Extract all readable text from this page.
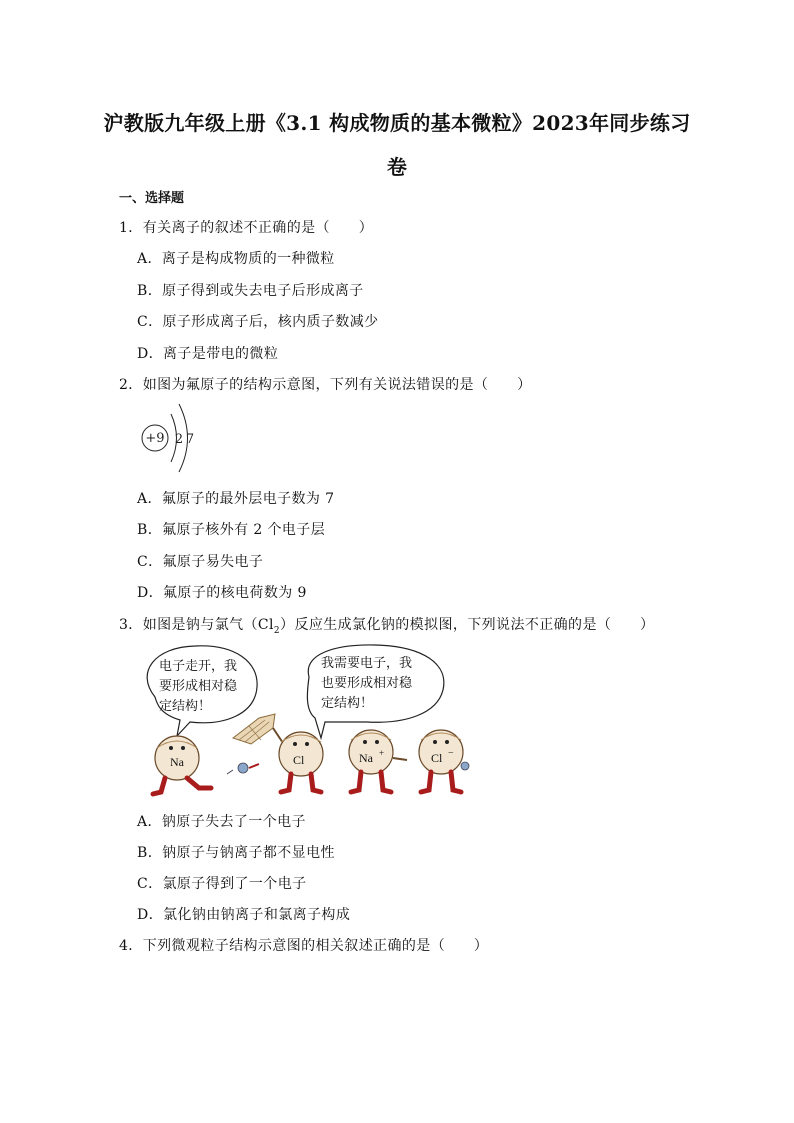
沪教版九年级上册《3.1 构成物质的基本微粒》2023年同步练习卷
一、选择题
1．有关离子的叙述不正确的是（　　）
A．离子是构成物质的一种微粒
B．原子得到或失去电子后形成离子
C．原子形成离子后，核内质子数减少
D．离子是带电的微粒
2．如图为氟原子的结构示意图，下列有关说法错误的是（　　）
+9 2 7
A．氟原子的最外层电子数为 7
B．氟原子核外有 2 个电子层
C．氟原子易失电子
D．氟原子的核电荷数为 9
3．如图是钠与氯气$(Cl_2)$反应生成氯化钠的模拟图，下列说法不正确的是（　　）
电子走开，我
要形成相对稳
定结构！
我需要电子，我
也要形成相对稳
定结构！
Na	Cl	Na +	Cl −
A．钠原子失去了一个电子
B．钠原子与钠离子都不显电性
C．氯原子得到了一个电子
D．氯化钠由钠离子和氯离子构成
4．下列微观粒子结构示意图的相关叙述正确的是（　　）
